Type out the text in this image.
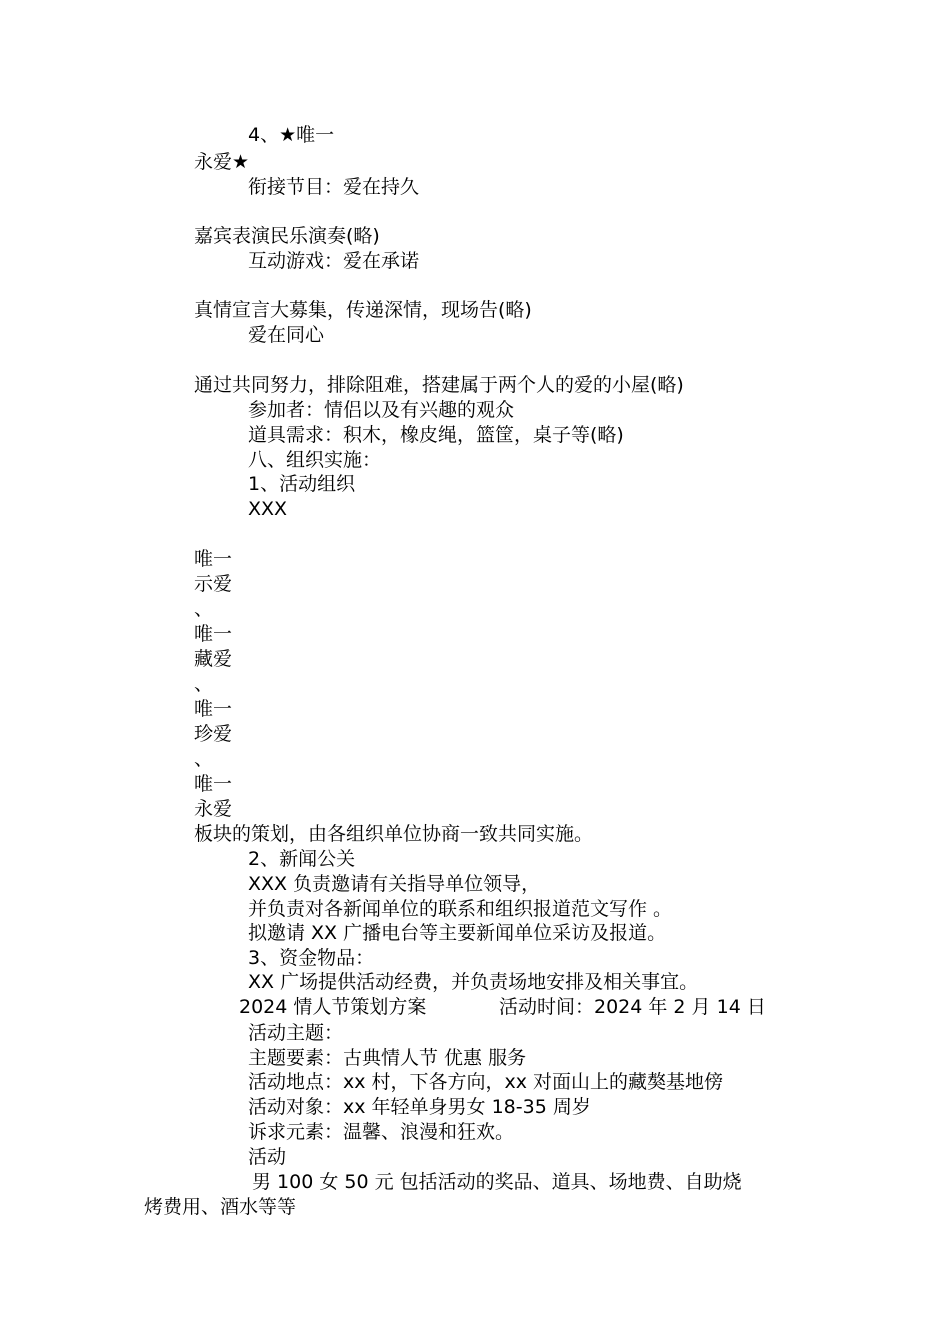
4、★唯一
永爱★
衔接节目：爱在持久
嘉宾表演民乐演奏(略)
互动游戏：爱在承诺
真情宣言大募集，传递深情，现场告(略)
爱在同心
通过共同努力，排除阻难，搭建属于两个人的爱的小屋(略)
参加者：情侣以及有兴趣的观众
道具需求：积木，橡皮绳，篮筐，桌子等(略)
八、组织实施：
1、活动组织
XXX
唯一
示爱
、
唯一
藏爱
、
唯一
珍爱
、
唯一
永爱
板块的策划，由各组织单位协商一致共同实施。
2、新闻公关
XXX 负责邀请有关指导单位领导，
并负责对各新闻单位的联系和组织报道范文写作 。
拟邀请 XX 广播电台等主要新闻单位采访及报道。
3、资金物品：
XX 广场提供活动经费，并负责场地安排及相关事宜。
2024 情人节策划方案	活动时间：2024 年 2 月 14 日
活动主题：
主题要素：古典情人节 优惠 服务
活动地点：xx 村，下各方向，xx 对面山上的藏獒基地傍
活动对象：xx 年轻单身男女 18-35 周岁
诉求元素：温馨、浪漫和狂欢。
活动
男 100 女 50 元 包括活动的奖品、道具、场地费、自助烧
烤费用、酒水等等
